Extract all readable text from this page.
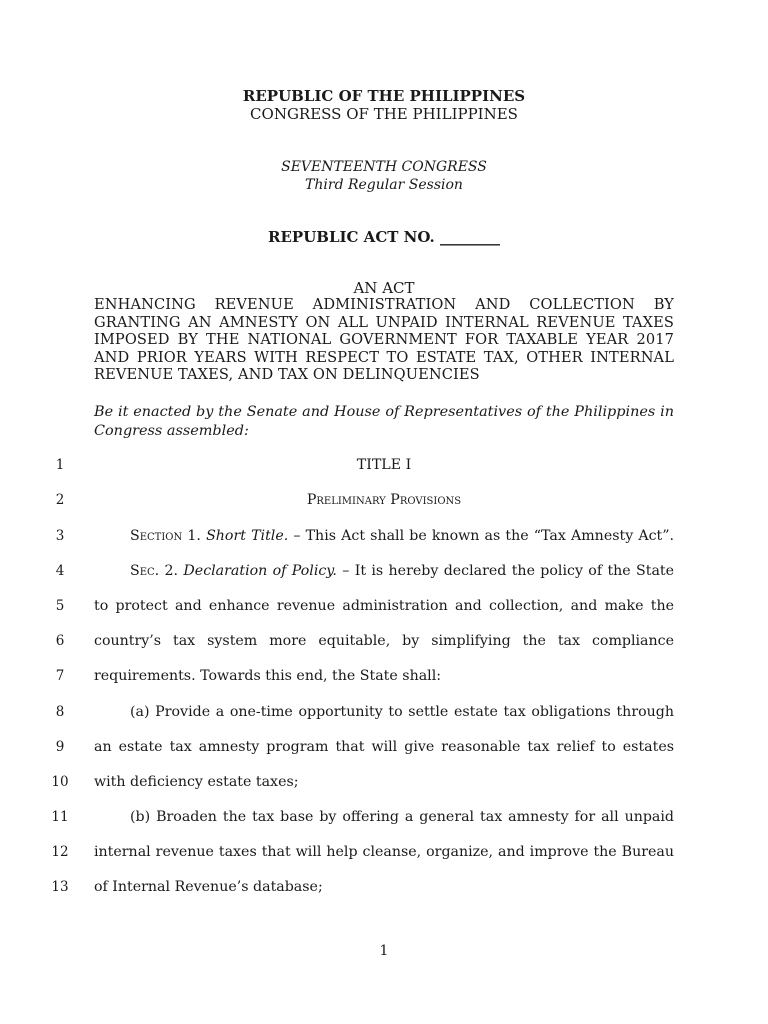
REPUBLIC OF THE PHILIPPINES
CONGRESS OF THE PHILIPPINES
SEVENTEENTH CONGRESS
Third Regular Session
REPUBLIC ACT NO. ________
AN ACT
ENHANCING REVENUE ADMINISTRATION AND COLLECTION BY
GRANTING AN AMNESTY ON ALL UNPAID INTERNAL REVENUE TAXES
IMPOSED BY THE NATIONAL GOVERNMENT FOR TAXABLE YEAR 2017
AND PRIOR YEARS WITH RESPECT TO ESTATE TAX, OTHER INTERNAL
REVENUE TAXES, AND TAX ON DELINQUENCIES
Be it enacted by the Senate and House of Representatives of the Philippines in
Congress assembled:
1	TITLE I
2	Preliminary Provisions
3	Section 1. Short Title. – This Act shall be known as the “Tax Amnesty Act”.
4	Sec. 2. Declaration of Policy. – It is hereby declared the policy of the State
5	to protect and enhance revenue administration and collection, and make the
6	country’s tax system more equitable, by simplifying the tax compliance
7	requirements. Towards this end, the State shall:
8	(a) Provide a one-time opportunity to settle estate tax obligations through
9	an estate tax amnesty program that will give reasonable tax relief to estates
10	with deficiency estate taxes;
11	(b) Broaden the tax base by offering a general tax amnesty for all unpaid
12	internal revenue taxes that will help cleanse, organize, and improve the Bureau
13	of Internal Revenue’s database;
1
